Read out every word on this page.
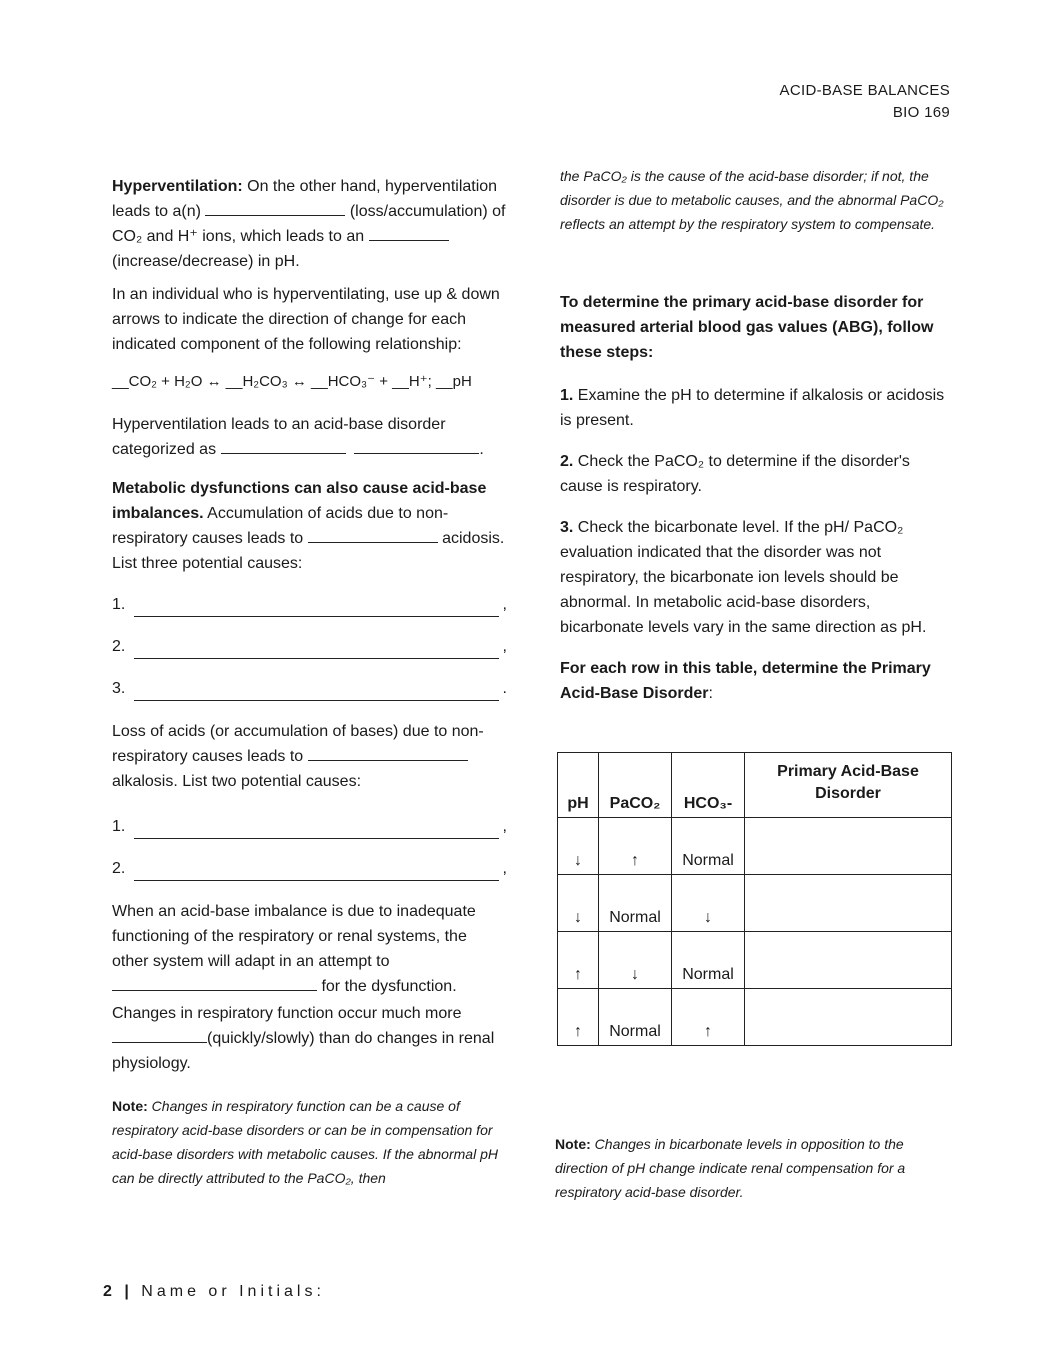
ACID-BASE BALANCES
BIO 169

Hyperventilation: On the other hand, hyperventilation leads to a(n)	(loss/accumulation) of CO₂ and H⁺ ions, which leads to an  (increase/decrease) in pH.

In an individual who is hyperventilating, use up & down arrows to indicate the direction of change for each indicated component of the following relationship:

__CO₂ + H₂O ↔ __H₂CO₃ ↔ __HCO₃⁻ + __H⁺; __pH

Hyperventilation leads to an acid-base disorder categorized as	.

Metabolic dysfunctions can also cause acid-base imbalances. Accumulation of acids due to non-respiratory causes leads to	acidosis. List three potential causes:

1.	,
2.	,
3.	.

Loss of acids (or accumulation of bases) due to non-respiratory causes leads to  alkalosis. List two potential causes:

1.	,
2.	,

When an acid-base imbalance is due to inadequate functioning of the respiratory or renal systems, the other system will adapt in an attempt to  for the dysfunction.

Changes in respiratory function occur much more (quickly/slowly) than do changes in renal physiology.

Note: Changes in respiratory function can be a cause of respiratory acid-base disorders or can be in compensation for acid-base disorders with metabolic causes. If the abnormal pH can be directly attributed to the PaCO₂, then

the PaCO₂ is the cause of the acid-base disorder; if not, the disorder is due to metabolic causes, and the abnormal PaCO₂ reflects an attempt by the respiratory system to compensate.

To determine the primary acid-base disorder for measured arterial blood gas values (ABG), follow these steps:

1. Examine the pH to determine if alkalosis or acidosis is present.

2. Check the PaCO₂ to determine if the disorder's cause is respiratory.

3. Check the bicarbonate level. If the pH/ PaCO₂ evaluation indicated that the disorder was not respiratory, the bicarbonate ion levels should be abnormal. In metabolic acid-base disorders, bicarbonate levels vary in the same direction as pH.

For each row in this table, determine the Primary Acid-Base Disorder:

pH	PaCO₂	HCO₃-	Primary Acid-Base Disorder
↓	↑	Normal	
↓	Normal	↓	
↑	↓	Normal	
↑	Normal	↑	

Note: Changes in bicarbonate levels in opposition to the direction of pH change indicate renal compensation for a respiratory acid-base disorder.

2 | Name or Initials:
